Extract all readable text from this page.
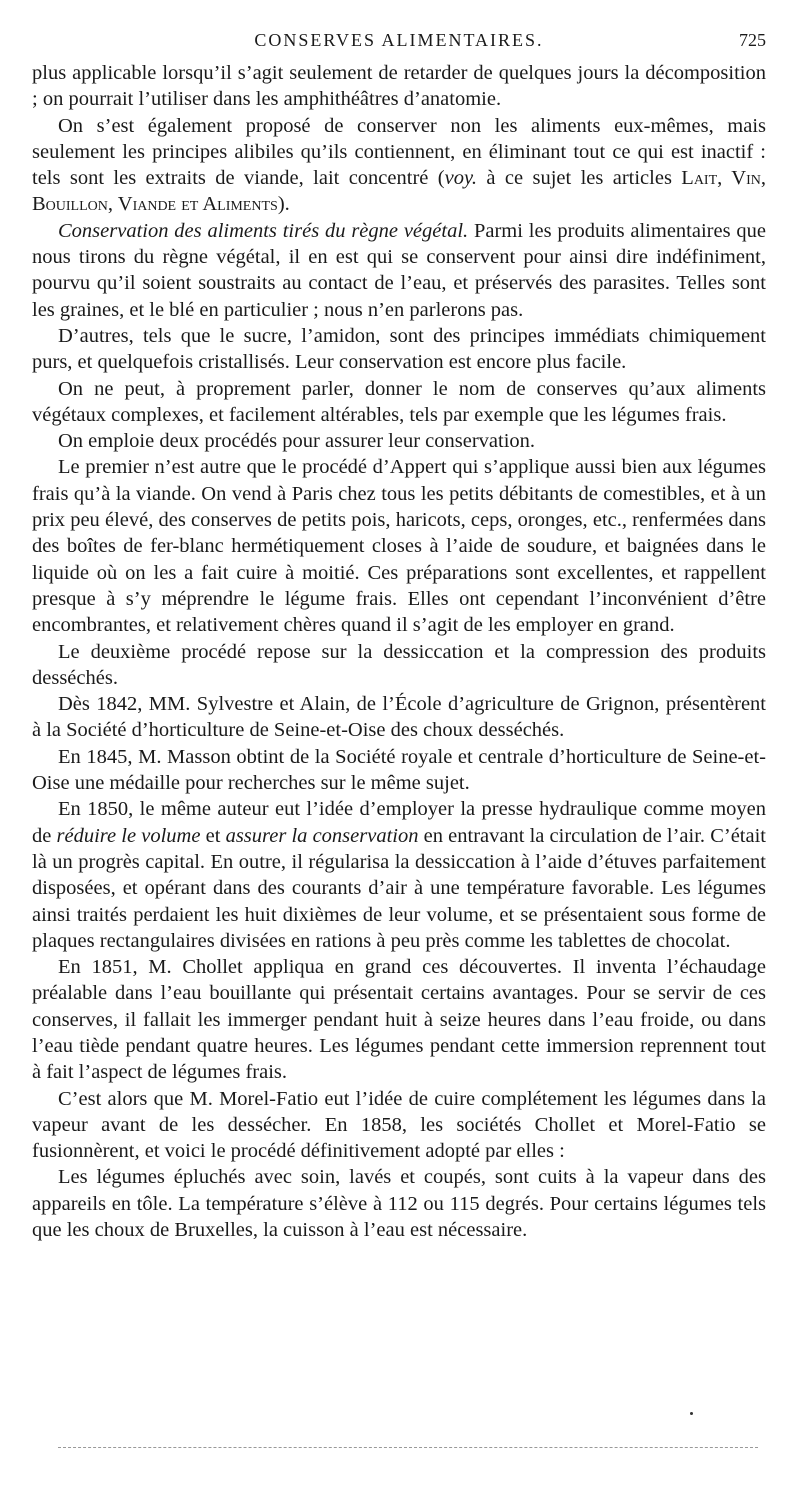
CONSERVES ALIMENTAIRES.	725

plus applicable lorsqu’il s’agit seulement de retarder de quelques jours la décomposition ; on pourrait l’utiliser dans les amphithéâtres d’anatomie.

On s’est également proposé de conserver non les aliments eux-mêmes, mais seulement les principes alibiles qu’ils contiennent, en éliminant tout ce qui est inactif : tels sont les extraits de viande, lait concentré (voy. à ce sujet les articles Lait, Vin, Bouillon, Viande et Aliments).

Conservation des aliments tirés du règne végétal. Parmi les produits alimentaires que nous tirons du règne végétal, il en est qui se conservent pour ainsi dire indéfiniment, pourvu qu’il soient soustraits au contact de l’eau, et préservés des parasites. Telles sont les graines, et le blé en particulier ; nous n’en parlerons pas.

D’autres, tels que le sucre, l’amidon, sont des principes immédiats chimiquement purs, et quelquefois cristallisés. Leur conservation est encore plus facile.

On ne peut, à proprement parler, donner le nom de conserves qu’aux aliments végétaux complexes, et facilement altérables, tels par exemple que les légumes frais.

On emploie deux procédés pour assurer leur conservation.

Le premier n’est autre que le procédé d’Appert qui s’applique aussi bien aux légumes frais qu’à la viande. On vend à Paris chez tous les petits débitants de comestibles, et à un prix peu élevé, des conserves de petits pois, haricots, ceps, oronges, etc., renfermées dans des boîtes de fer-blanc hermétiquement closes à l’aide de soudure, et baignées dans le liquide où on les a fait cuire à moitié. Ces préparations sont excellentes, et rappellent presque à s’y méprendre le légume frais. Elles ont cependant l’inconvénient d’être encombrantes, et relativement chères quand il s’agit de les employer en grand.

Le deuxième procédé repose sur la dessiccation et la compression des produits desséchés.

Dès 1842, MM. Sylvestre et Alain, de l’École d’agriculture de Grignon, présentèrent à la Société d’horticulture de Seine-et-Oise des choux desséchés.

En 1845, M. Masson obtint de la Société royale et centrale d’horticulture de Seine-et-Oise une médaille pour recherches sur le même sujet.

En 1850, le même auteur eut l’idée d’employer la presse hydraulique comme moyen de réduire le volume et assurer la conservation en entravant la circulation de l’air. C’était là un progrès capital. En outre, il régularisa la dessiccation à l’aide d’étuves parfaitement disposées, et opérant dans des courants d’air à une température favorable. Les légumes ainsi traités perdaient les huit dixièmes de leur volume, et se présentaient sous forme de plaques rectangulaires divisées en rations à peu près comme les tablettes de chocolat.

En 1851, M. Chollet appliqua en grand ces découvertes. Il inventa l’échaudage préalable dans l’eau bouillante qui présentait certains avantages. Pour se servir de ces conserves, il fallait les immerger pendant huit à seize heures dans l’eau froide, ou dans l’eau tiède pendant quatre heures. Les légumes pendant cette immersion reprennent tout à fait l’aspect de légumes frais.

C’est alors que M. Morel-Fatio eut l’idée de cuire complétement les légumes dans la vapeur avant de les dessécher. En 1858, les sociétés Chollet et Morel-Fatio se fusionnèrent, et voici le procédé définitivement adopté par elles :

Les légumes épluchés avec soin, lavés et coupés, sont cuits à la vapeur dans des appareils en tôle. La température s’élève à 112 ou 115 degrés. Pour certains légumes tels que les choux de Bruxelles, la cuisson à l’eau est nécessaire.
